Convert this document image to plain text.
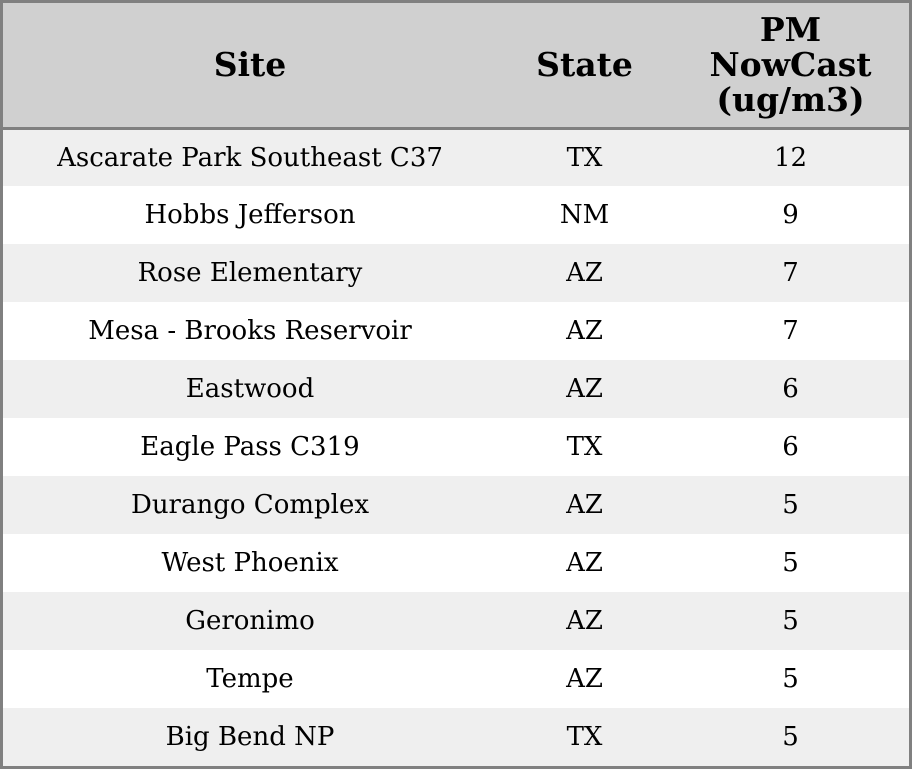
Site	State	PM
NowCast
(ug/m3)

Ascarate Park Southeast C37	TX	12
Hobbs Jefferson	NM	9
Rose Elementary	AZ	7
Mesa - Brooks Reservoir	AZ	7
Eastwood	AZ	6
Eagle Pass C319	TX	6
Durango Complex	AZ	5
West Phoenix	AZ	5
Geronimo	AZ	5
Tempe	AZ	5
Big Bend NP	TX	5
